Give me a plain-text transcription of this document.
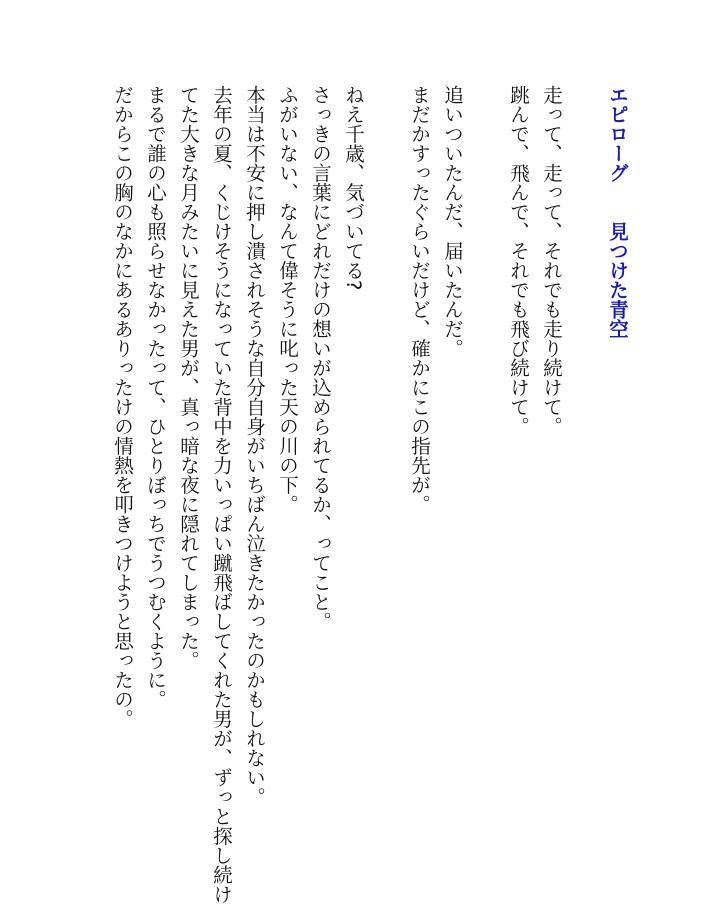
エピローグ見つけた青空
走って、走って、それでも走り続けて。
跳んで、飛んで、それでも飛び続けて。
追いついたんだ、届いたんだ。
まだかすったぐらいだけど、確かにこの指先が。
ねえ千歳、気づいてる?
さっきの言葉にどれだけの想いが込められてるか、ってこと。
ふがいない、なんて偉そうに叱った天の川の下。
本当は不安に押し潰されそうな自分自身がいちばん泣きたかったのかもしれない。
去年の夏、くじけそうになっていた背中を力いっぱい蹴飛ばしてくれた男が、ずっと探し続け
てた大きな月みたいに見えた男が、真っ暗な夜に隠れてしまった。
まるで誰の心も照らせなかったって、ひとりぼっちでうつむくように。
だからこの胸のなかにあるありったけの情熱を叩きつけようと思ったの。
